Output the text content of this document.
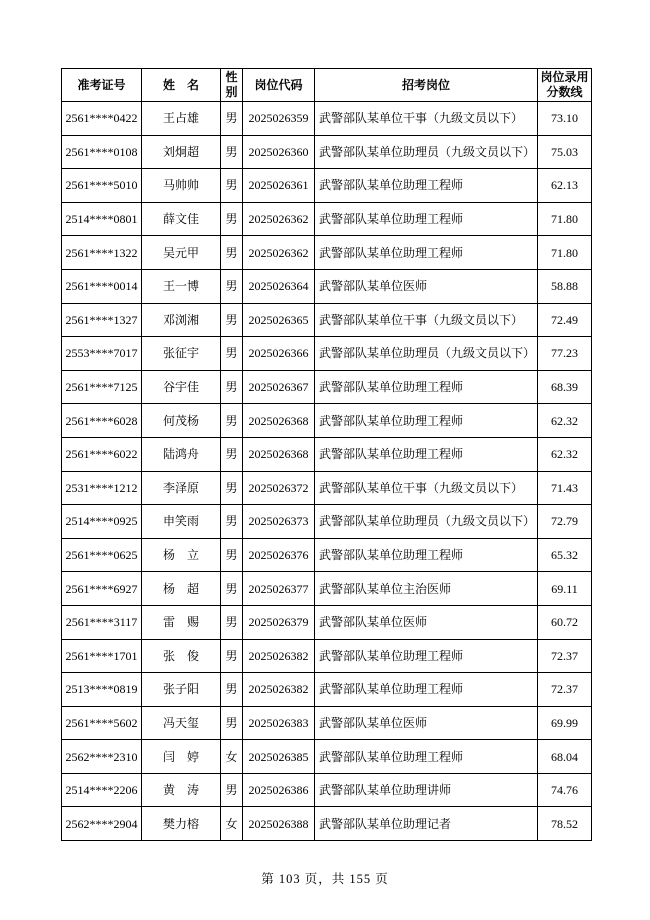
准考证号	姓　名	性别	岗位代码	招考岗位	岗位录用分数线
2561****0422	王占雄	男	2025026359	武警部队某单位干事（九级文员以下）	73.10
2561****0108	刘炯超	男	2025026360	武警部队某单位助理员（九级文员以下）	75.03
2561****5010	马帅帅	男	2025026361	武警部队某单位助理工程师	62.13
2514****0801	薛文佳	男	2025026362	武警部队某单位助理工程师	71.80
2561****1322	吴元甲	男	2025026362	武警部队某单位助理工程师	71.80
2561****0014	王一博	男	2025026364	武警部队某单位医师	58.88
2561****1327	邓浏湘	男	2025026365	武警部队某单位干事（九级文员以下）	72.49
2553****7017	张征宇	男	2025026366	武警部队某单位助理员（九级文员以下）	77.23
2561****7125	谷宇佳	男	2025026367	武警部队某单位助理工程师	68.39
2561****6028	何茂杨	男	2025026368	武警部队某单位助理工程师	62.32
2561****6022	陆鸿舟	男	2025026368	武警部队某单位助理工程师	62.32
2531****1212	李泽原	男	2025026372	武警部队某单位干事（九级文员以下）	71.43
2514****0925	申笑雨	男	2025026373	武警部队某单位助理员（九级文员以下）	72.79
2561****0625	杨　立	男	2025026376	武警部队某单位助理工程师	65.32
2561****6927	杨　超	男	2025026377	武警部队某单位主治医师	69.11
2561****3117	雷　赐	男	2025026379	武警部队某单位医师	60.72
2561****1701	张　俊	男	2025026382	武警部队某单位助理工程师	72.37
2513****0819	张子阳	男	2025026382	武警部队某单位助理工程师	72.37
2561****5602	冯天玺	男	2025026383	武警部队某单位医师	69.99
2562****2310	闫　婷	女	2025026385	武警部队某单位助理工程师	68.04
2514****2206	黄　涛	男	2025026386	武警部队某单位助理讲师	74.76
2562****2904	樊力榕	女	2025026388	武警部队某单位助理记者	78.52
第 103 页，共 155 页
